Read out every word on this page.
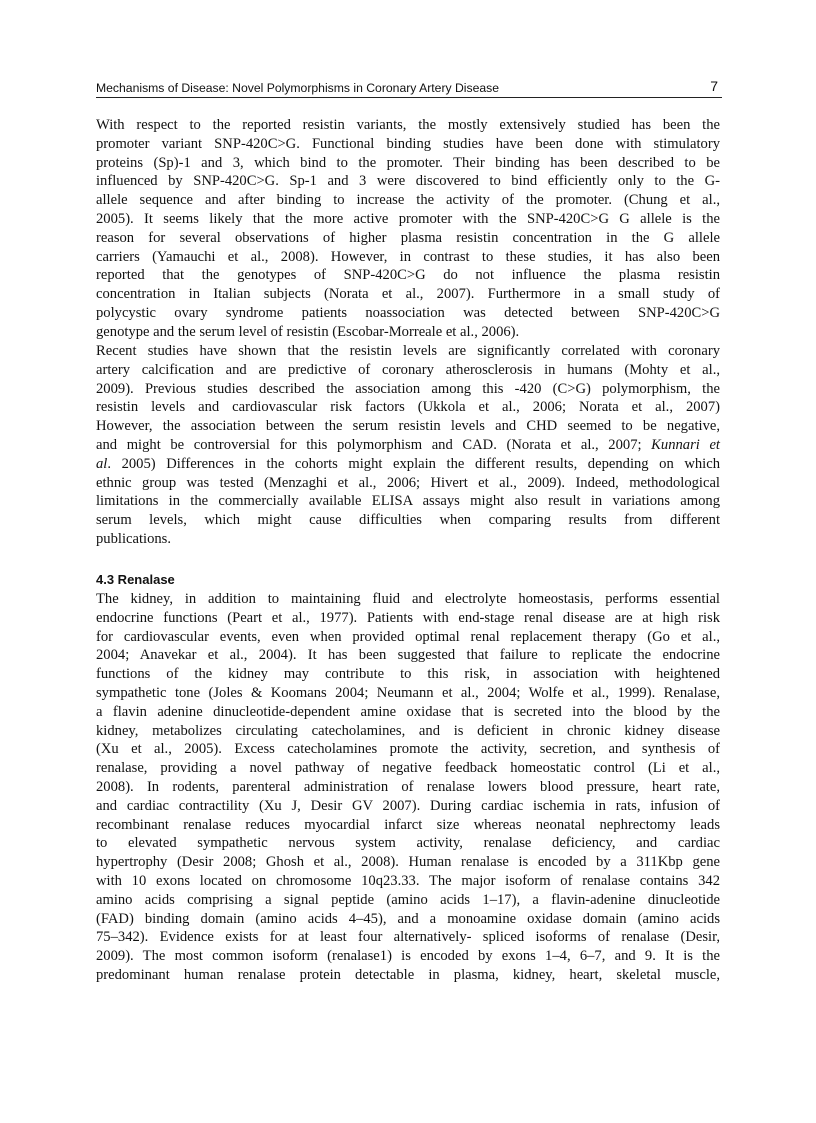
Mechanisms of Disease: Novel Polymorphisms in Coronary Artery Disease	7
With respect to the reported resistin variants, the mostly extensively studied has been the
promoter variant SNP-420C>G. Functional binding studies have been done with stimulatory
proteins (Sp)-1 and 3, which bind to the promoter. Their binding has been described to be
influenced by SNP-420C>G. Sp-1 and 3 were discovered to bind efficiently only to the G-
allele sequence and after binding to increase the activity of the promoter. (Chung et al.,
2005). It seems likely that the more active promoter with the SNP-420C>G G allele is the
reason for several observations of higher plasma resistin concentration in the G allele
carriers (Yamauchi et al., 2008). However, in contrast to these studies, it has also been
reported that the genotypes of SNP-420C>G do not influence the plasma resistin
concentration in Italian subjects (Norata et al., 2007). Furthermore in a small study of
polycystic ovary syndrome patients noassociation was detected between SNP-420C>G
genotype and the serum level of resistin (Escobar-Morreale et al., 2006).
Recent studies have shown that the resistin levels are significantly correlated with coronary
artery calcification and are predictive of coronary atherosclerosis in humans (Mohty et al.,
2009). Previous studies described the association among this -420 (C>G) polymorphism, the
resistin levels and cardiovascular risk factors (Ukkola et al., 2006; Norata et al., 2007)
However, the association between the serum resistin levels and CHD seemed to be negative,
and might be controversial for this polymorphism and CAD. (Norata et al., 2007; Kunnari et
al. 2005) Differences in the cohorts might explain the different results, depending on which
ethnic group was tested (Menzaghi et al., 2006; Hivert et al., 2009). Indeed, methodological
limitations in the commercially available ELISA assays might also result in variations among
serum levels, which might cause difficulties when comparing results from different
publications.
4.3 Renalase
The kidney, in addition to maintaining fluid and electrolyte homeostasis, performs essential
endocrine functions (Peart et al., 1977). Patients with end-stage renal disease are at high risk
for cardiovascular events, even when provided optimal renal replacement therapy (Go et al.,
2004; Anavekar et al., 2004). It has been suggested that failure to replicate the endocrine
functions of the kidney may contribute to this risk, in association with heightened
sympathetic tone (Joles & Koomans 2004; Neumann et al., 2004; Wolfe et al., 1999). Renalase,
a flavin adenine dinucleotide-dependent amine oxidase that is secreted into the blood by the
kidney, metabolizes circulating catecholamines, and is deficient in chronic kidney disease
(Xu et al., 2005). Excess catecholamines promote the activity, secretion, and synthesis of
renalase, providing a novel pathway of negative feedback homeostatic control (Li et al.,
2008). In rodents, parenteral administration of renalase lowers blood pressure, heart rate,
and cardiac contractility (Xu J, Desir GV 2007). During cardiac ischemia in rats, infusion of
recombinant renalase reduces myocardial infarct size whereas neonatal nephrectomy leads
to elevated sympathetic nervous system activity, renalase deficiency, and cardiac
hypertrophy (Desir 2008; Ghosh et al., 2008). Human renalase is encoded by a 311Kbp gene
with 10 exons located on chromosome 10q23.33. The major isoform of renalase contains 342
amino acids comprising a signal peptide (amino acids 1–17), a flavin-adenine dinucleotide
(FAD) binding domain (amino acids 4–45), and a monoamine oxidase domain (amino acids
75–342). Evidence exists for at least four alternatively- spliced isoforms of renalase (Desir,
2009). The most common isoform (renalase1) is encoded by exons 1–4, 6–7, and 9. It is the
predominant human renalase protein detectable in plasma, kidney, heart, skeletal muscle,
